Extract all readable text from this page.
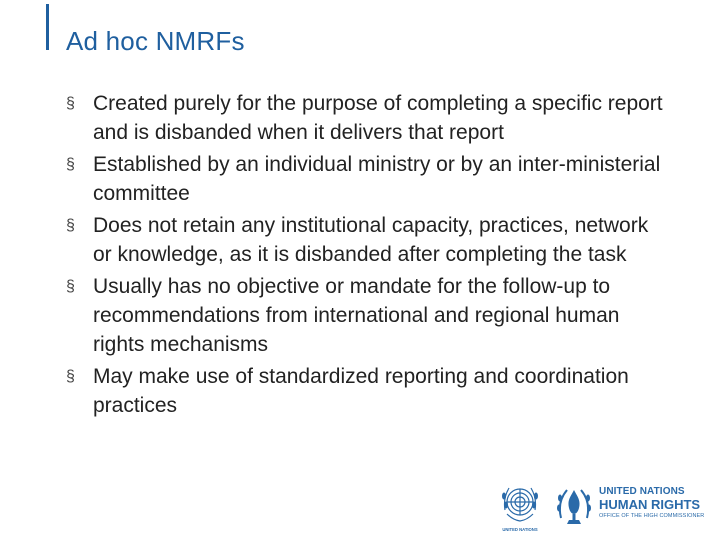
Ad hoc NMRFs
§ Created purely for the purpose of completing a specific report and is disbanded when it delivers that report
§ Established by an individual ministry or by an inter-ministerial committee
§ Does not retain any institutional capacity, practices, network or knowledge, as it is disbanded after completing the task
§ Usually has no objective or mandate for the follow-up to recommendations from international and regional human rights mechanisms
§ May make use of standardized reporting and coordination practices
UNITED NATIONS
UNITED NATIONS
HUMAN RIGHTS
OFFICE OF THE HIGH COMMISSIONER
